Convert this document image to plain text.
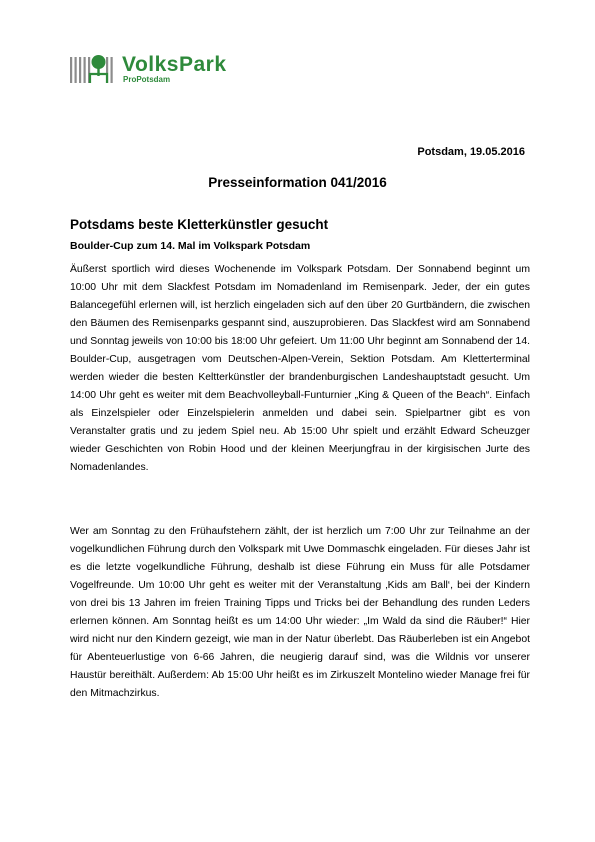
VolksPark
ProPotsdam
Potsdam, 19.05.2016
Presseinformation 041/2016
Potsdams beste Kletterkünstler gesucht
Boulder-Cup zum 14. Mal im Volkspark Potsdam
Äußerst sportlich wird dieses Wochenende im Volkspark Potsdam. Der Sonnabend beginnt um 10:00 Uhr mit dem Slackfest Potsdam im Nomadenland im Remisenpark. Jeder, der ein gutes Balancegefühl erlernen will, ist herzlich eingeladen sich auf den über 20 Gurtbändern, die zwischen den Bäumen des Remisenparks gespannt sind, auszuprobieren. Das Slackfest wird am Sonnabend und Sonntag jeweils von 10:00 bis 18:00 Uhr gefeiert. Um 11:00 Uhr beginnt am Sonnabend der 14. Boulder-Cup, ausgetragen vom Deutschen-Alpen-Verein, Sektion Potsdam. Am Kletterterminal werden wieder die besten Keltterkünstler der brandenburgischen Landeshauptstadt gesucht. Um 14:00 Uhr geht es weiter mit dem Beachvolleyball-Funturnier „King & Queen of the Beach“. Einfach als Einzelspieler oder Einzelspielerin anmelden und dabei sein. Spielpartner gibt es von Veranstalter gratis und zu jedem Spiel neu. Ab 15:00 Uhr spielt und erzählt Edward Scheuzger wieder Geschichten von Robin Hood und der kleinen Meerjungfrau in der kirgisischen Jurte des Nomadenlandes.
Wer am Sonntag zu den Frühaufstehern zählt, der ist herzlich um 7:00 Uhr zur Teilnahme an der vogelkundlichen Führung durch den Volkspark mit Uwe Dommaschk eingeladen. Für dieses Jahr ist es die letzte vogelkundliche Führung, deshalb ist diese Führung ein Muss für alle Potsdamer Vogelfreunde. Um 10:00 Uhr geht es weiter mit der Veranstaltung ‚Kids am Ball‘, bei der Kindern von drei bis 13 Jahren im freien Training Tipps und Tricks bei der Behandlung des runden Leders erlernen können. Am Sonntag heißt es um 14:00 Uhr wieder: „Im Wald da sind die Räuber!“ Hier wird nicht nur den Kindern gezeigt, wie man in der Natur überlebt. Das Räuberleben ist ein Angebot für Abenteuerlustige von 6-66 Jahren, die neugierig darauf sind, was die Wildnis vor unserer Haustür bereithält. Außerdem: Ab 15:00 Uhr heißt es im Zirkuszelt Montelino wieder Manage frei für den Mitmachzirkus.
